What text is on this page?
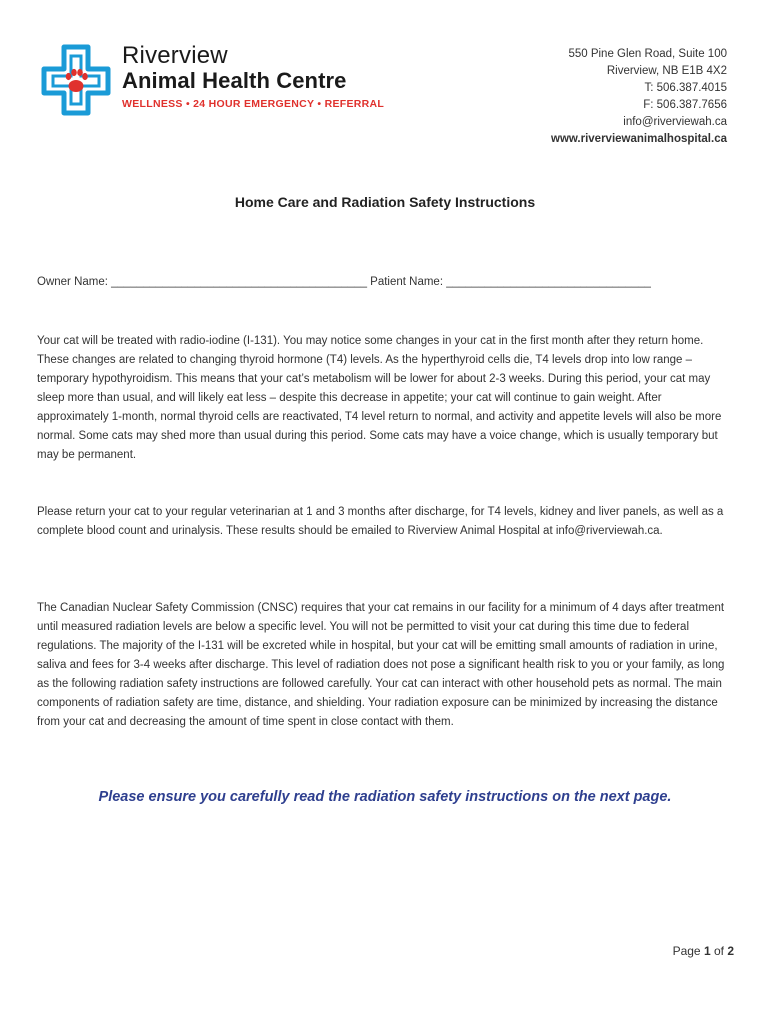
Riverview
Animal Health Centre
WELLNESS • 24 HOUR EMERGENCY • REFERRAL
550 Pine Glen Road, Suite 100
Riverview, NB E1B 4X2
T: 506.387.4015
F: 506.387.7656
info@riverviewah.ca
www.riverviewanimalhospital.ca
Home Care and Radiation Safety Instructions
Owner Name: ________________________________________ Patient Name: ________________________________

Your cat will be treated with radio-iodine (I-131). You may notice some changes in your cat in the first month after they return home. These changes are related to changing thyroid hormone (T4) levels. As the hyperthyroid cells die, T4 levels drop into low range – temporary hypothyroidism. This means that your cat’s metabolism will be lower for about 2-3 weeks. During this period, your cat may sleep more than usual, and will likely eat less – despite this decrease in appetite; your cat will continue to gain weight. After approximately 1-month, normal thyroid cells are reactivated, T4 level return to normal, and activity and appetite levels will also be more normal. Some cats may shed more than usual during this period. Some cats may have a voice change, which is usually temporary but may be permanent.

Please return your cat to your regular veterinarian at 1 and 3 months after discharge, for T4 levels, kidney and liver panels, as well as a complete blood count and urinalysis. These results should be emailed to Riverview Animal Hospital at info@riverviewah.ca.

The Canadian Nuclear Safety Commission (CNSC) requires that your cat remains in our facility for a minimum of 4 days after treatment until measured radiation levels are below a specific level. You will not be permitted to visit your cat during this time due to federal regulations. The majority of the I-131 will be excreted while in hospital, but your cat will be emitting small amounts of radiation in urine, saliva and fees for 3-4 weeks after discharge. This level of radiation does not pose a significant health risk to you or your family, as long as the following radiation safety instructions are followed carefully. Your cat can interact with other household pets as normal. The main components of radiation safety are time, distance, and shielding. Your radiation exposure can be minimized by increasing the distance from your cat and decreasing the amount of time spent in close contact with them.

Please ensure you carefully read the radiation safety instructions on the next page.
Page 1 of 2
